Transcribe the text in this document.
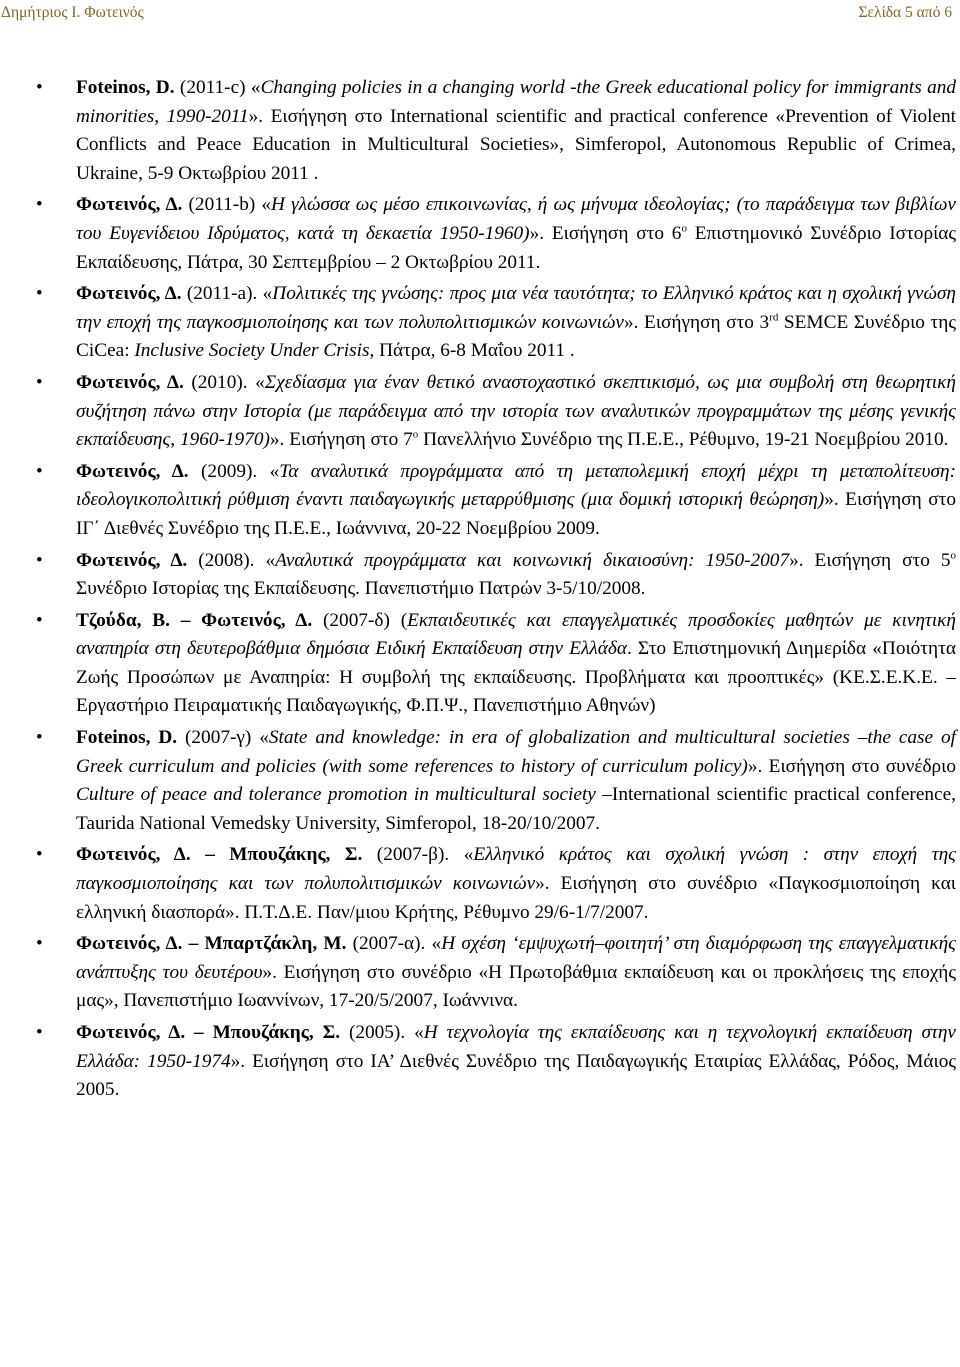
Δημήτριος Ι. Φωτεινός	Σελίδα 5 από 6
• Foteinos, D. (2011-c) «Changing policies in a changing world -the Greek educational policy for immigrants and minorities, 1990-2011». Εισήγηση στο International scientific and practical conference «Prevention of Violent Conflicts and Peace Education in Multicultural Societies», Simferopol, Autonomous Republic of Crimea, Ukraine, 5-9 Οκτωβρίου 2011 .
• Φωτεινός, Δ. (2011-b) «Η γλώσσα ως μέσο επικοινωνίας, ή ως μήνυμα ιδεολογίας; (το παράδειγμα των βιβλίων του Ευγενίδειου Ιδρύματος, κατά τη δεκαετία 1950-1960)». Εισήγηση στο $6^o$ Επιστημονικό Συνέδριο Ιστορίας Εκπαίδευσης, Πάτρα, 30 Σεπτεμβρίου – 2 Οκτωβρίου 2011.
• Φωτεινός, Δ. (2011-a). «Πολιτικές της γνώσης: προς μια νέα ταυτότητα; το Ελληνικό κράτος και η σχολική γνώση την εποχή της παγκοσμιοποίησης και των πολυπολιτισμικών κοινωνιών». Εισήγηση στο 3rd SEMCE Συνέδριο της CiCea: Inclusive Society Under Crisis, Πάτρα, 6-8 Μαΐου 2011 .
• Φωτεινός, Δ. (2010). «Σχεδίασμα για έναν θετικό αναστοχαστικό σκεπτικισμό, ως μια συμβολή στη θεωρητική συζήτηση πάνω στην Ιστορία (με παράδειγμα από την ιστορία των αναλυτικών προγραμμάτων της μέσης γενικής εκπαίδευσης, 1960-1970)». Εισήγηση στο $7^o$ Πανελλήνιο Συνέδριο της Π.Ε.Ε., Ρέθυμνο, 19-21 Νοεμβρίου 2010.
• Φωτεινός, Δ. (2009). «Τα αναλυτικά προγράμματα από τη μεταπολεμική εποχή μέχρι τη μεταπολίτευση: ιδεολογικοπολιτική ρύθμιση έναντι παιδαγωγικής μεταρρύθμισης (μια δομική ιστορική θεώρηση)». Εισήγηση στο ΙΓ΄ Διεθνές Συνέδριο της Π.Ε.Ε., Ιωάννινα, 20-22 Νοεμβρίου 2009.
• Φωτεινός, Δ. (2008). «Αναλυτικά προγράμματα και κοινωνική δικαιοσύνη: 1950-2007». Εισήγηση στο $5^o$ Συνέδριο Ιστορίας της Εκπαίδευσης. Πανεπιστήμιο Πατρών 3-5/10/2008.
• Τζούδα, Β. – Φωτεινός, Δ. (2007-δ) (Εκπαιδευτικές και επαγγελματικές προσδοκίες μαθητών με κινητική αναπηρία στη δευτεροβάθμια δημόσια Ειδική Εκπαίδευση στην Ελλάδα. Στο Επιστημονική Διημερίδα «Ποιότητα Ζωής Προσώπων με Αναπηρία: Η συμβολή της εκπαίδευσης. Προβλήματα και προοπτικές» (ΚΕ.Σ.Ε.Κ.Ε. – Εργαστήριο Πειραματικής Παιδαγωγικής, Φ.Π.Ψ., Πανεπιστήμιο Αθηνών)
• Foteinos, D. (2007-γ) «State and knowledge: in era of globalization and multicultural societies –the case of Greek curriculum and policies (with some references to history of curriculum policy)». Εισήγηση στο συνέδριο Culture of peace and tolerance promotion in multicultural society –International scientific practical conference, Taurida National Vemedsky University, Simferopol, 18-20/10/2007.
• Φωτεινός, Δ. – Μπουζάκης, Σ. (2007-β). «Ελληνικό κράτος και σχολική γνώση : στην εποχή της παγκοσμιοποίησης και των πολυπολιτισμικών κοινωνιών». Εισήγηση στο συνέδριο «Παγκοσμιοποίηση και ελληνική διασπορά». Π.Τ.Δ.Ε. Παν/μιου Κρήτης, Ρέθυμνο 29/6-1/7/2007.
• Φωτεινός, Δ. – Μπαρτζάκλη, Μ. (2007-α). «Η σχέση ‘εμψυχωτή–φοιτητή’ στη διαμόρφωση της επαγγελματικής ανάπτυξης του δευτέρου». Εισήγηση στο συνέδριο «Η Πρωτοβάθμια εκπαίδευση και οι προκλήσεις της εποχής μας», Πανεπιστήμιο Ιωαννίνων, 17-20/5/2007, Ιωάννινα.
• Φωτεινός, Δ. – Μπουζάκης, Σ. (2005). «Η τεχνολογία της εκπαίδευσης και η τεχνολογική εκπαίδευση στην Ελλάδα: 1950-1974». Εισήγηση στο ΙΑ’ Διεθνές Συνέδριο της Παιδαγωγικής Εταιρίας Ελλάδας, Ρόδος, Μάιος 2005.
